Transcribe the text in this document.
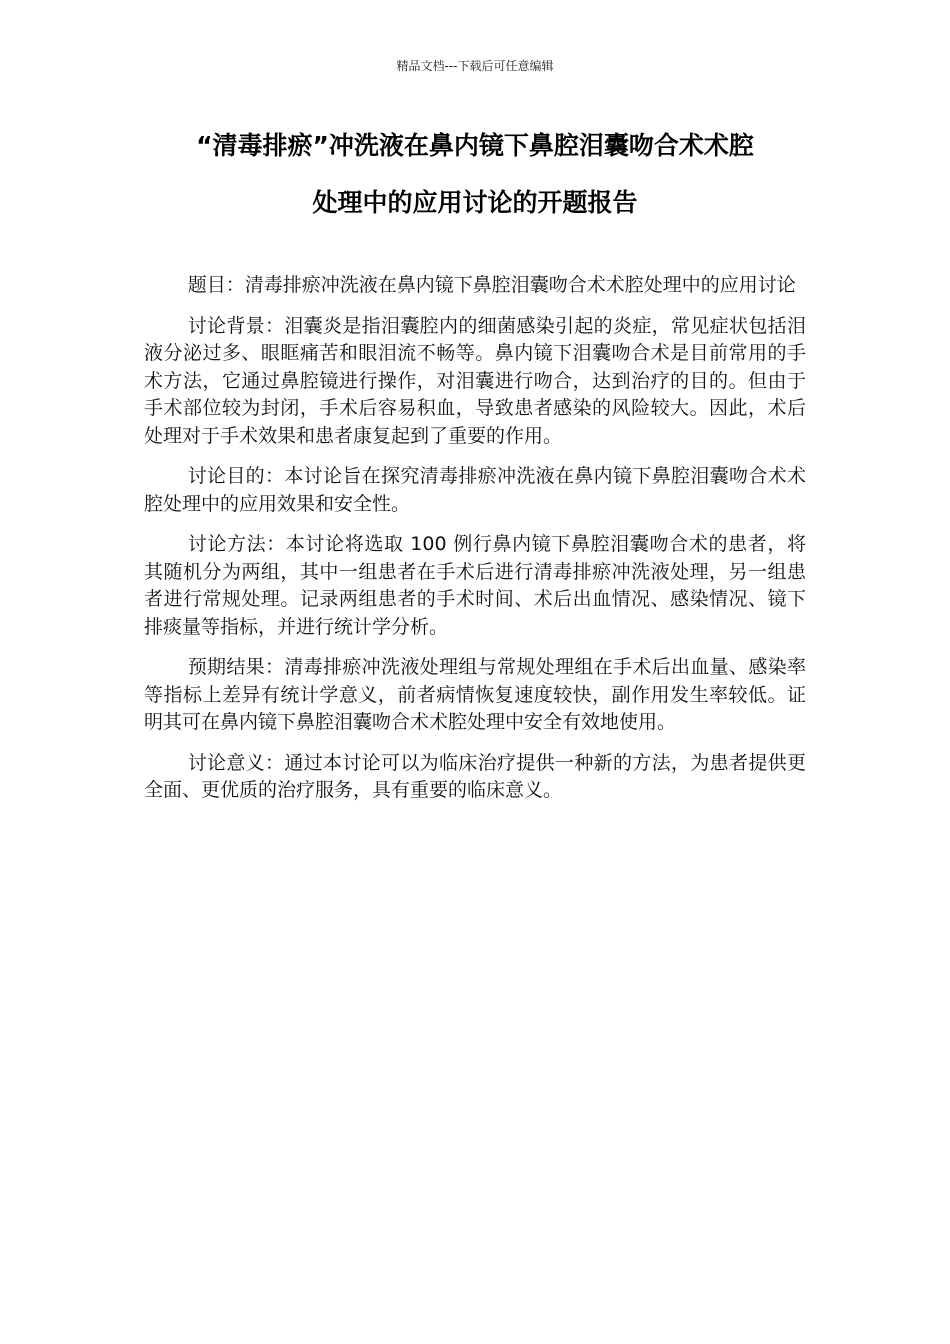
精品文档---下载后可任意编辑
“清毒排瘀”冲洗液在鼻内镜下鼻腔泪囊吻合术术腔
处理中的应用讨论的开题报告

题目：清毒排瘀冲洗液在鼻内镜下鼻腔泪囊吻合术术腔处理中的应用讨论

讨论背景：泪囊炎是指泪囊腔内的细菌感染引起的炎症，常见症状包括泪液分泌过多、眼眶痛苦和眼泪流不畅等。鼻内镜下泪囊吻合术是目前常用的手术方法，它通过鼻腔镜进行操作，对泪囊进行吻合，达到治疗的目的。但由于手术部位较为封闭，手术后容易积血，导致患者感染的风险较大。因此，术后处理对于手术效果和患者康复起到了重要的作用。

讨论目的：本讨论旨在探究清毒排瘀冲洗液在鼻内镜下鼻腔泪囊吻合术术腔处理中的应用效果和安全性。

讨论方法：本讨论将选取 100 例行鼻内镜下鼻腔泪囊吻合术的患者，将其随机分为两组，其中一组患者在手术后进行清毒排瘀冲洗液处理，另一组患者进行常规处理。记录两组患者的手术时间、术后出血情况、感染情况、镜下排痰量等指标，并进行统计学分析。

预期结果：清毒排瘀冲洗液处理组与常规处理组在手术后出血量、感染率等指标上差异有统计学意义，前者病情恢复速度较快，副作用发生率较低。证明其可在鼻内镜下鼻腔泪囊吻合术术腔处理中安全有效地使用。

讨论意义：通过本讨论可以为临床治疗提供一种新的方法，为患者提供更全面、更优质的治疗服务，具有重要的临床意义。
